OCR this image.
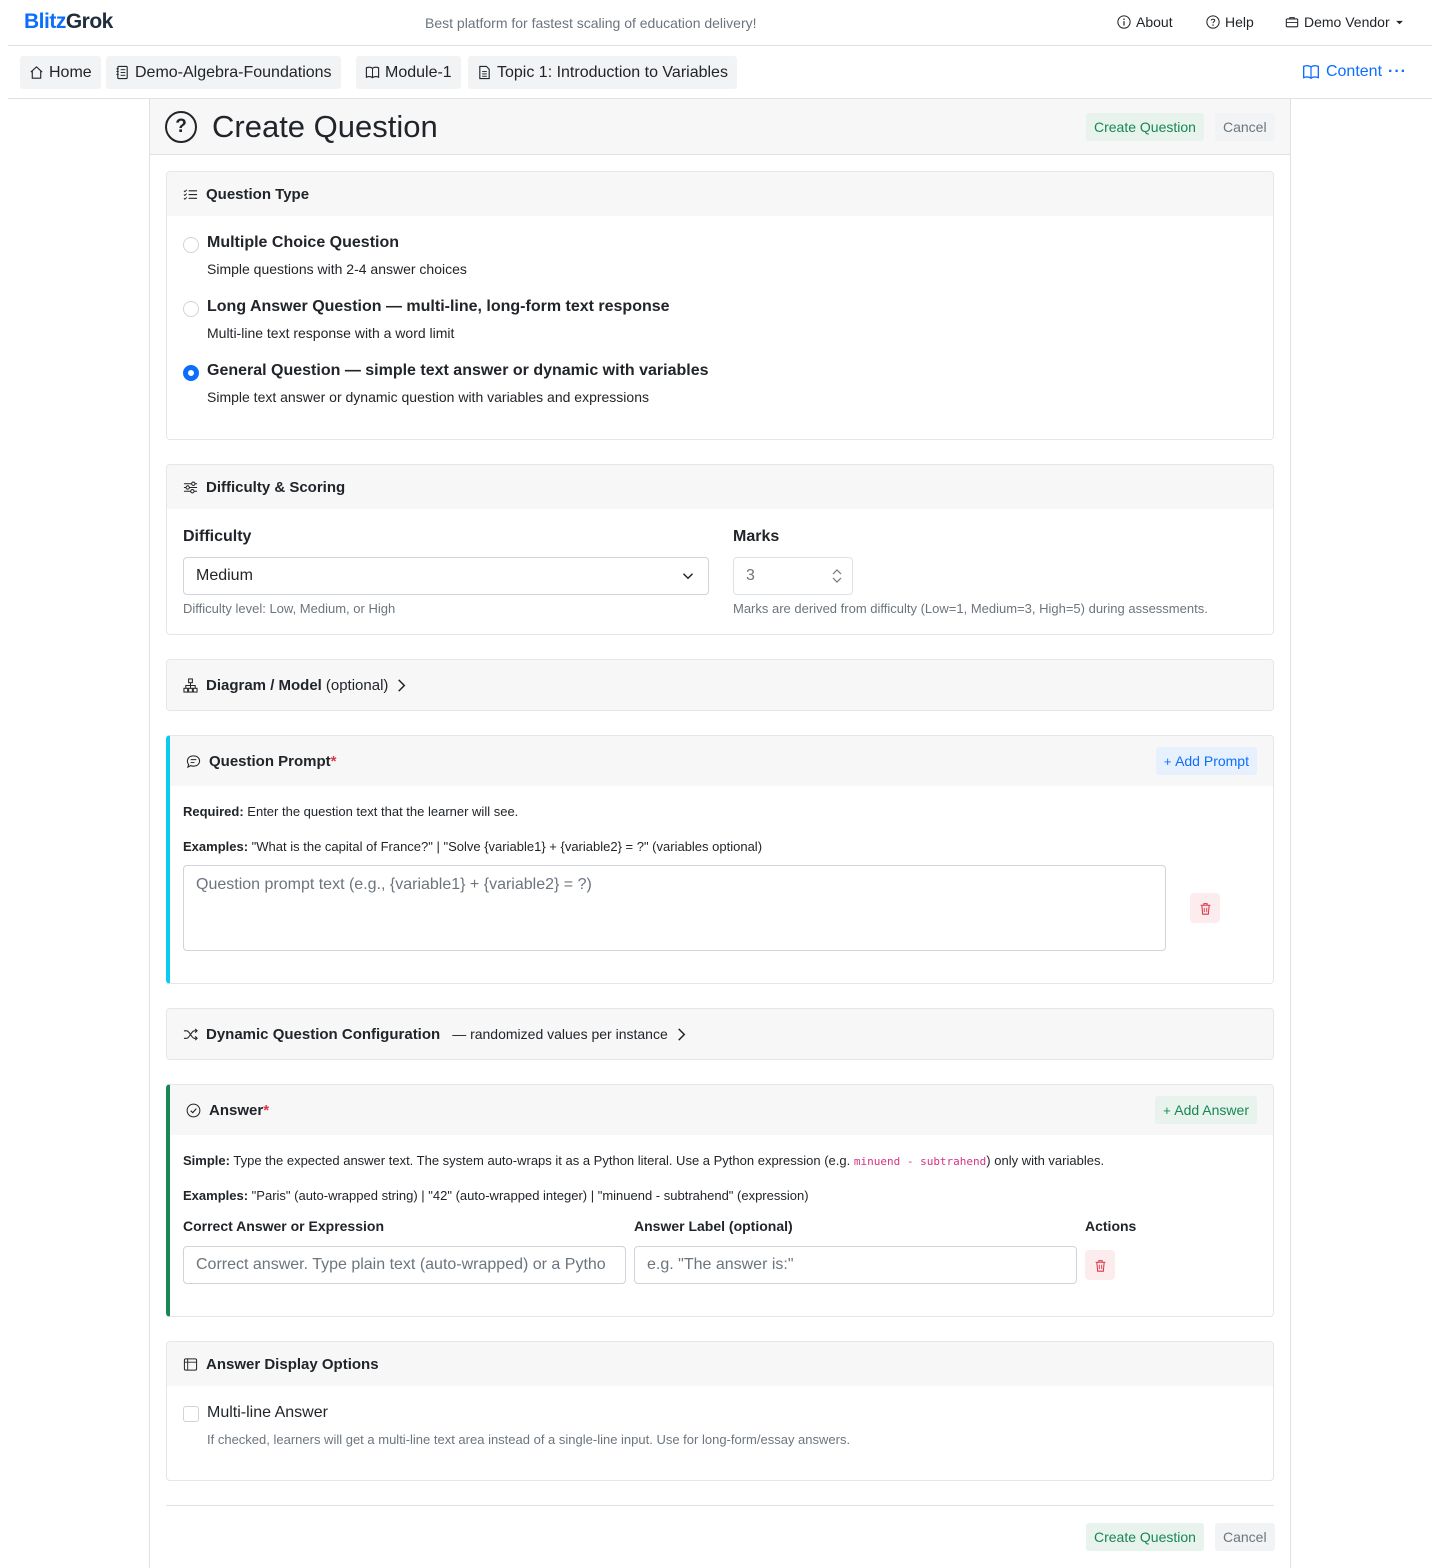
BlitzGrok	Best platform for fastest scaling of education delivery!	About	Help	Demo Vendor
Home	Demo-Algebra-Foundations	Module-1	Topic 1: Introduction to Variables	Content ···
? Create Question	Create Question	Cancel
Question Type
Multiple Choice Question
Simple questions with 2-4 answer choices
Long Answer Question — multi-line, long-form text response
Multi-line text response with a word limit
General Question — simple text answer or dynamic with variables
Simple text answer or dynamic question with variables and expressions
Difficulty & Scoring
Difficulty
Medium
Difficulty level: Low, Medium, or High
Marks
3
Marks are derived from difficulty (Low=1, Medium=3, High=5) during assessments.
Diagram / Model (optional)
Question Prompt*	+ Add Prompt
Required: Enter the question text that the learner will see.
Examples: "What is the capital of France?" | "Solve {variable1} + {variable2} = ?" (variables optional)
Question prompt text (e.g., {variable1} + {variable2} = ?)
Dynamic Question Configuration — randomized values per instance
Answer*	+ Add Answer
Simple: Type the expected answer text. The system auto-wraps it as a Python literal. Use a Python expression (e.g. minuend - subtrahend) only with variables.
Examples: "Paris" (auto-wrapped string) | "42" (auto-wrapped integer) | "minuend - subtrahend" (expression)
Correct Answer or Expression	Answer Label (optional)	Actions
Correct answer. Type plain text (auto-wrapped) or a Pytho	e.g. "The answer is:"
Answer Display Options
Multi-line Answer
If checked, learners will get a multi-line text area instead of a single-line input. Use for long-form/essay answers.
Create Question	Cancel
